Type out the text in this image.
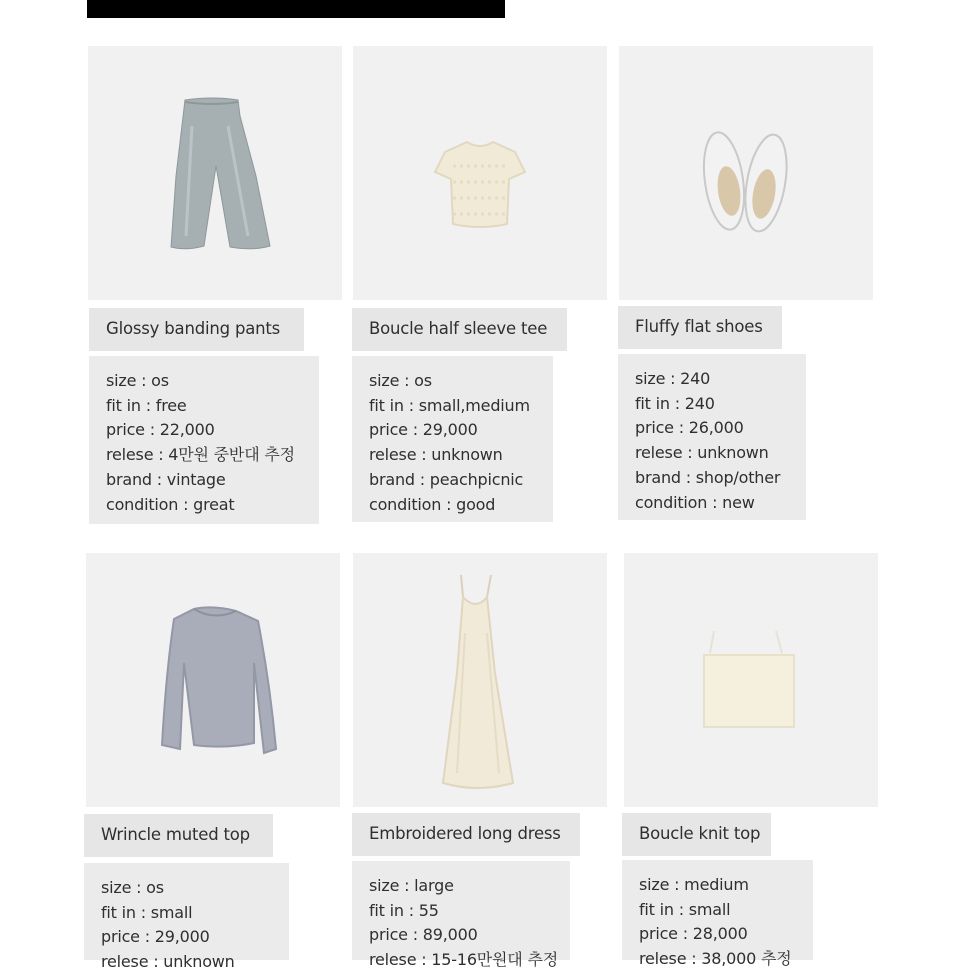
Glossy banding pants
size : os
fit in : free
price : 22,000
relese : 4만원 중반대 추정
brand : vintage
condition : great
Boucle half sleeve tee
size : os
fit in : small,medium
price : 29,000
relese : unknown
brand : peachpicnic
condition : good
Fluffy flat shoes
size : 240
fit in : 240
price : 26,000
relese : unknown
brand : shop/other
condition : new
Wrincle muted top
size : os
fit in : small
price : 29,000
relese : unknown
Embroidered long dress
size : large
fit in : 55
price : 89,000
relese : 15-16만원대 추정
Boucle knit top
size : medium
fit in : small
price : 28,000
relese : 38,000 추정
